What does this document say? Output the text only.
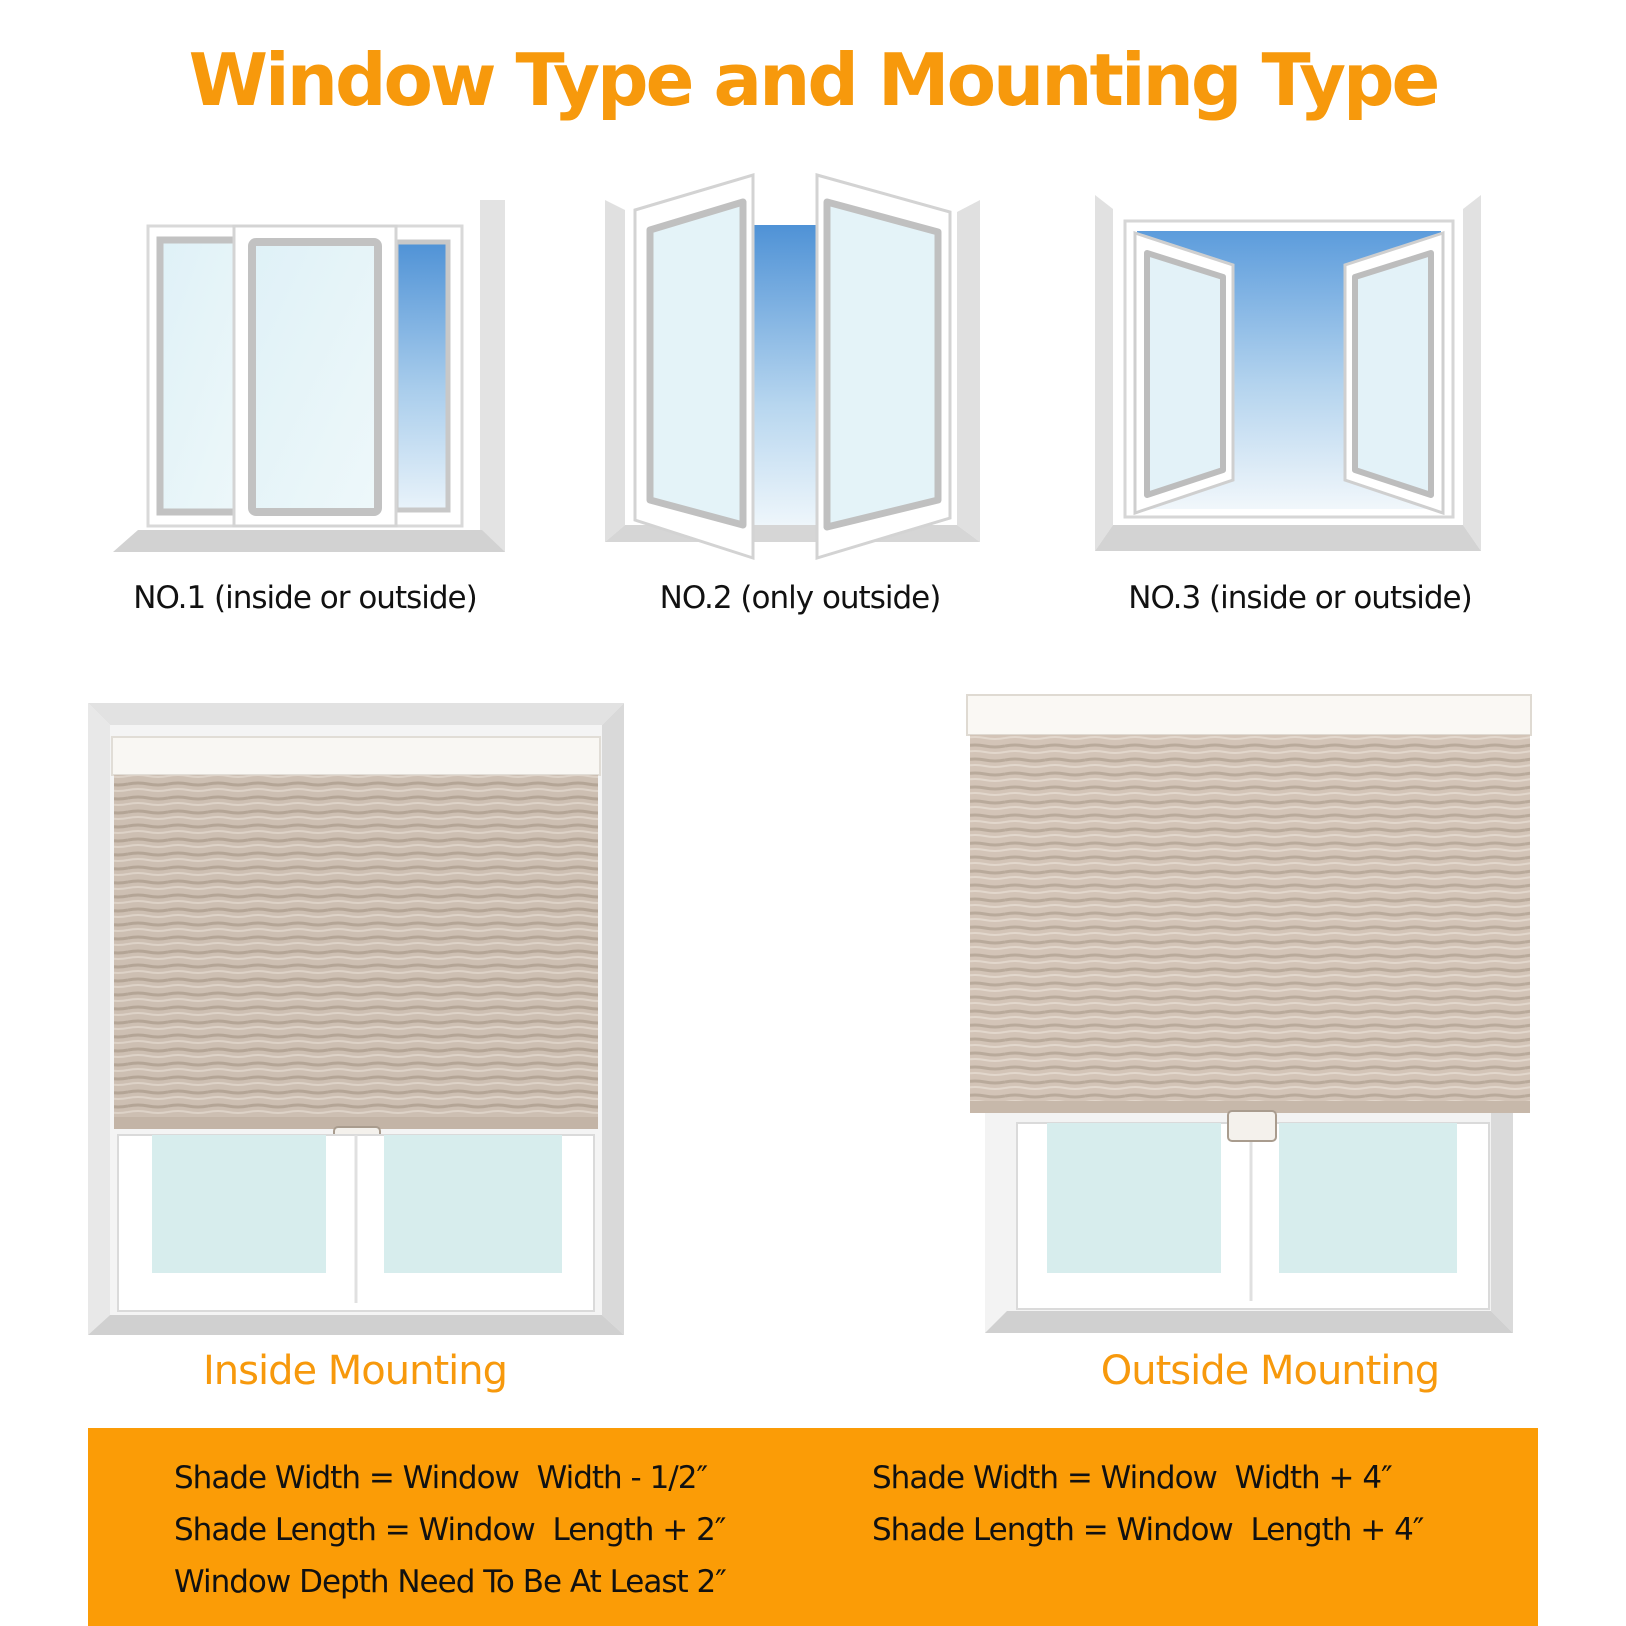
Window Type and Mounting Type
NO.1 (inside or outside)	NO.2 (only outside)	NO.3 (inside or outside)
Inside Mounting	Outside Mounting
Shade Width = Window  Width - 1/2″
Shade Length = Window  Length + 2″
Window Depth Need To Be At Least 2″
Shade Width = Window  Width + 4″
Shade Length = Window  Length + 4″
